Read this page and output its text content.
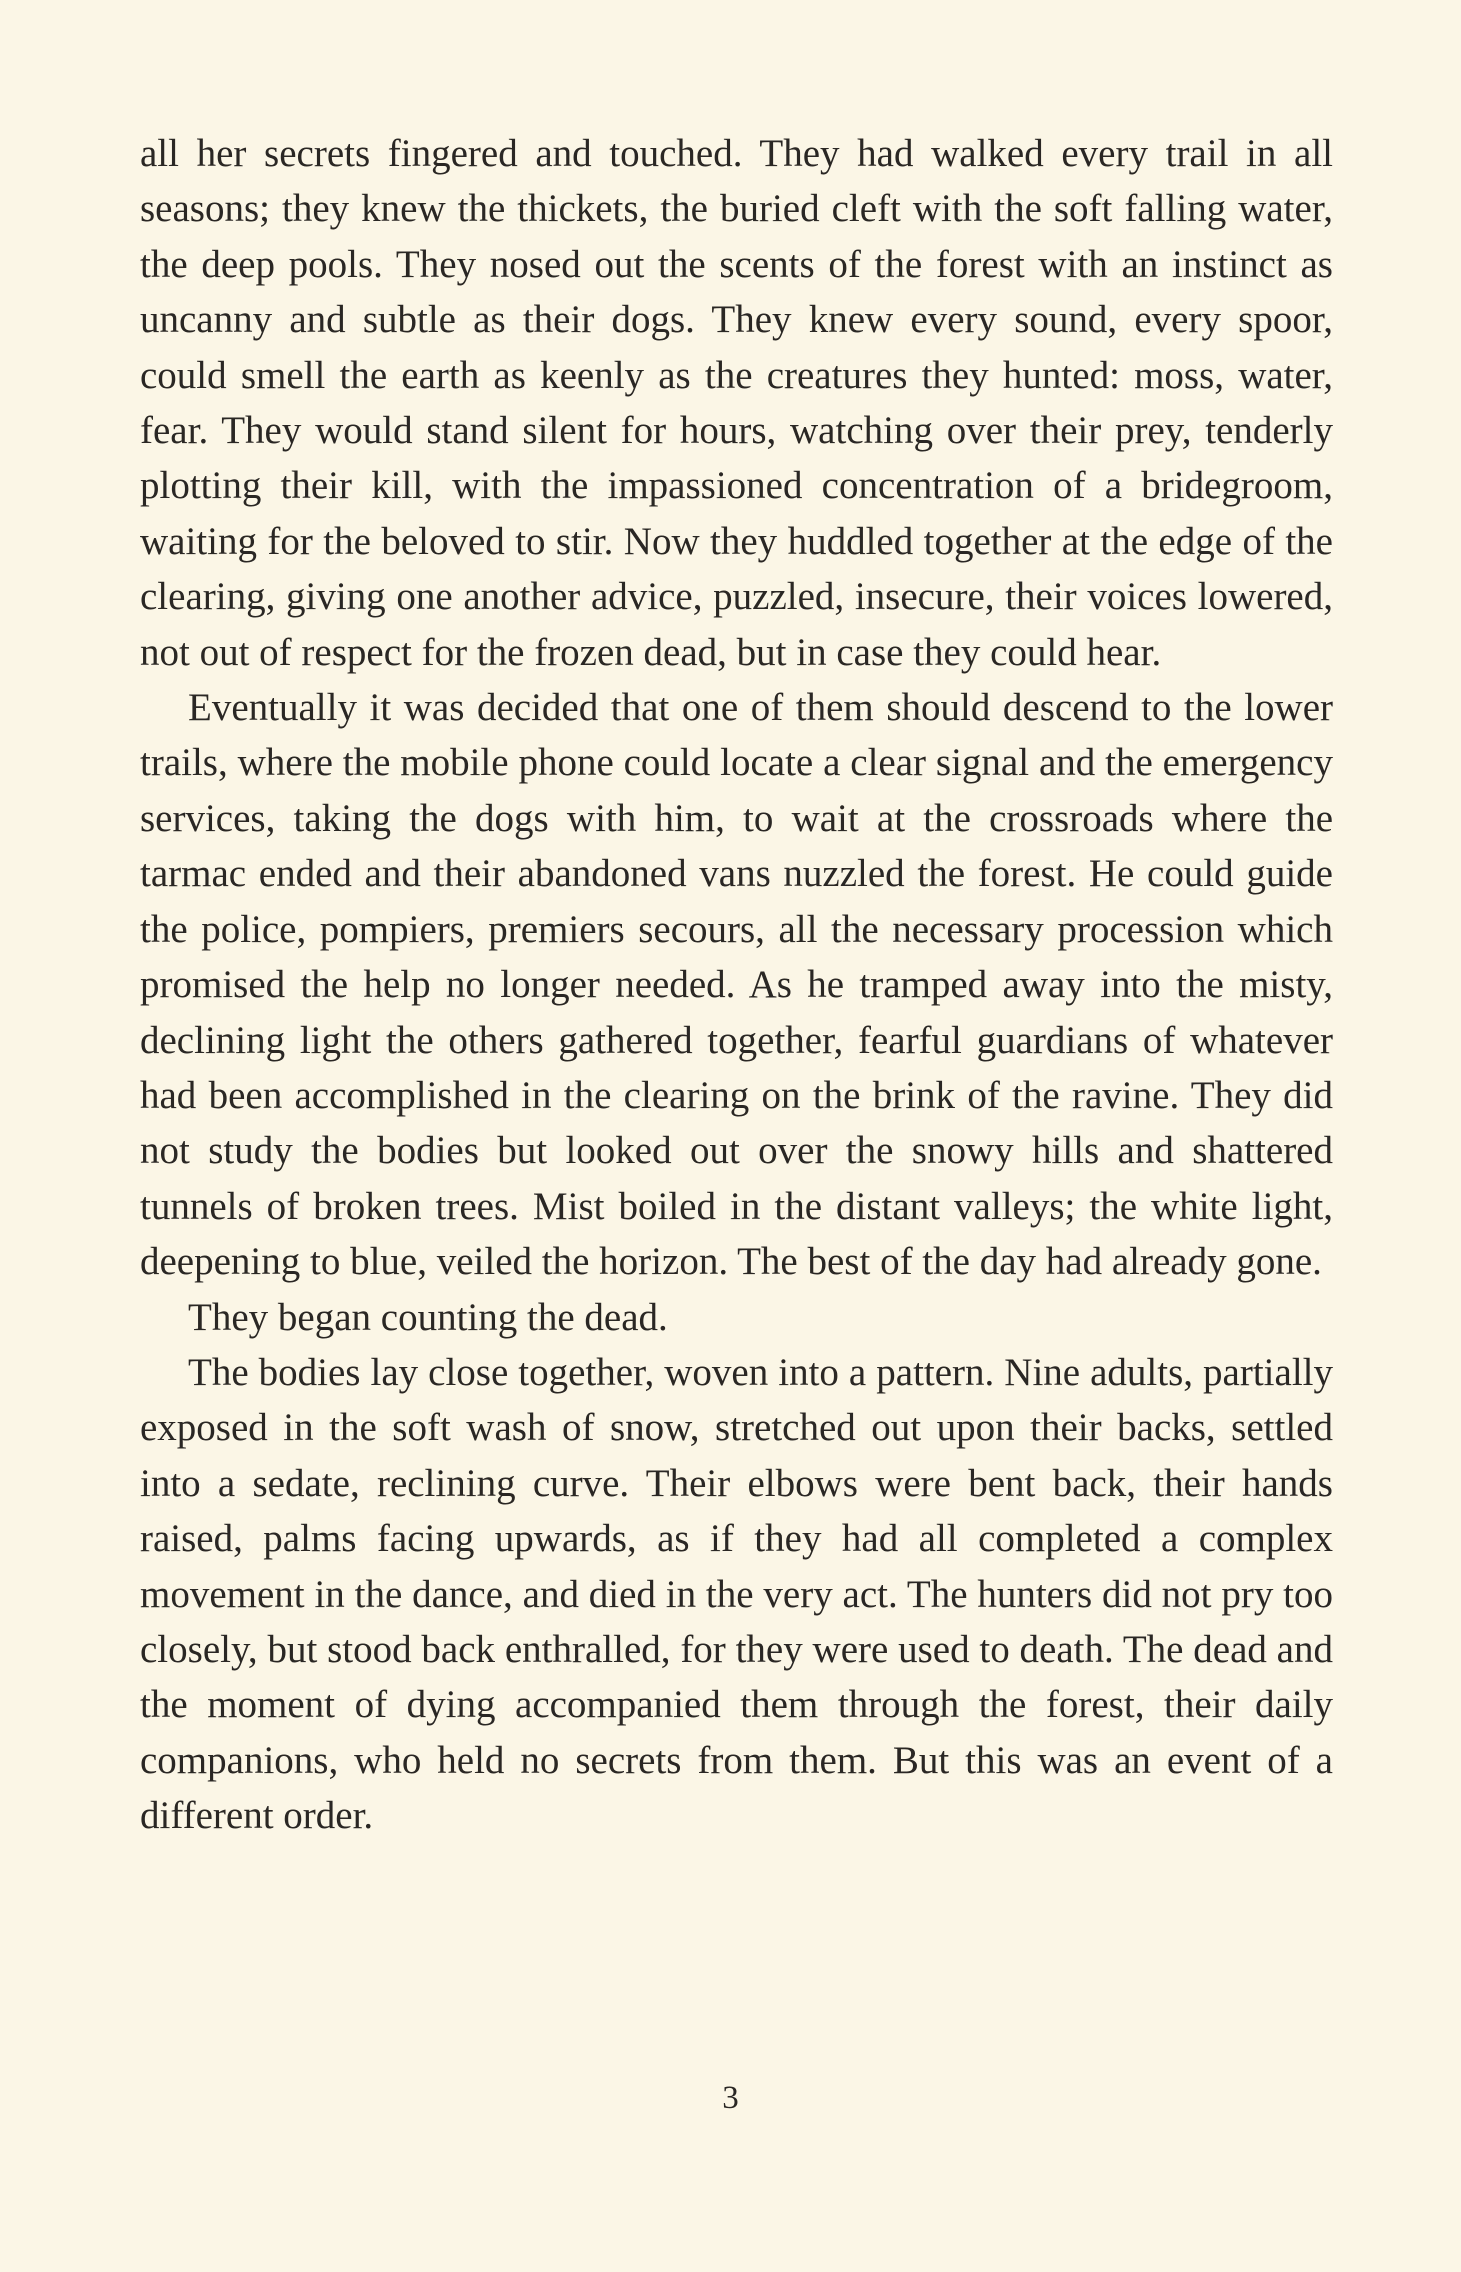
all her secrets fingered and touched. They had walked every trail in all seasons; they knew the thickets, the buried cleft with the soft falling water, the deep pools. They nosed out the scents of the forest with an instinct as uncanny and subtle as their dogs. They knew every sound, every spoor, could smell the earth as keenly as the creatures they hunted: moss, water, fear. They would stand silent for hours, watching over their prey, tenderly plotting their kill, with the impassioned concentration of a bridegroom, waiting for the beloved to stir. Now they huddled together at the edge of the clearing, giving one another advice, puzzled, insecure, their voices lowered, not out of respect for the frozen dead, but in case they could hear.

Eventually it was decided that one of them should descend to the lower trails, where the mobile phone could locate a clear signal and the emergency services, taking the dogs with him, to wait at the crossroads where the tarmac ended and their abandoned vans nuzzled the forest. He could guide the police, pompiers, premiers secours, all the necessary procession which promised the help no longer needed. As he tramped away into the misty, declining light the others gathered together, fearful guardians of whatever had been accomplished in the clearing on the brink of the ravine. They did not study the bodies but looked out over the snowy hills and shattered tunnels of broken trees. Mist boiled in the distant valleys; the white light, deepening to blue, veiled the horizon. The best of the day had already gone.

They began counting the dead.

The bodies lay close together, woven into a pattern. Nine adults, partially exposed in the soft wash of snow, stretched out upon their backs, settled into a sedate, reclining curve. Their elbows were bent back, their hands raised, palms facing upwards, as if they had all completed a complex movement in the dance, and died in the very act. The hunters did not pry too closely, but stood back enthralled, for they were used to death. The dead and the moment of dying accompanied them through the forest, their daily companions, who held no secrets from them. But this was an event of a different order.

3
